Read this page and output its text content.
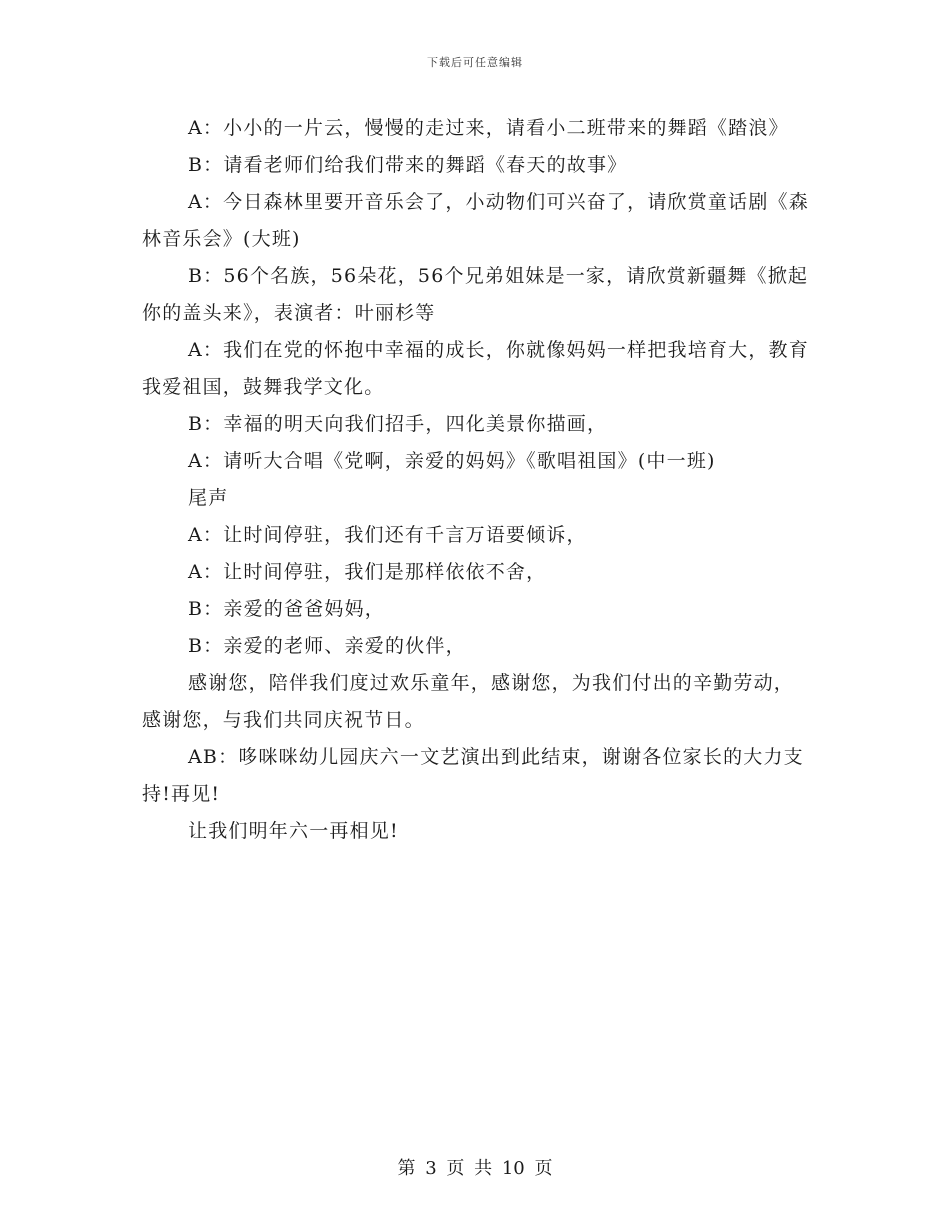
下载后可任意编辑

A：小小的一片云，慢慢的走过来，请看小二班带来的舞蹈《踏浪》

B：请看老师们给我们带来的舞蹈《春天的故事》

A：今日森林里要开音乐会了，小动物们可兴奋了，请欣赏童话剧《森林音乐会》(大班)

B：56个名族，56朵花，56个兄弟姐妹是一家，请欣赏新疆舞《掀起你的盖头来》，表演者：叶丽杉等

A：我们在党的怀抱中幸福的成长，你就像妈妈一样把我培育大，教育我爱祖国，鼓舞我学文化。

B：幸福的明天向我们招手，四化美景你描画，

A：请听大合唱《党啊，亲爱的妈妈》《歌唱祖国》(中一班)

尾声

A：让时间停驻，我们还有千言万语要倾诉，

A：让时间停驻，我们是那样依依不舍，

B：亲爱的爸爸妈妈，

B：亲爱的老师、亲爱的伙伴，

感谢您，陪伴我们度过欢乐童年，感谢您，为我们付出的辛勤劳动，感谢您，与我们共同庆祝节日。

AB：哆咪咪幼儿园庆六一文艺演出到此结束，谢谢各位家长的大力支持!再见!

让我们明年六一再相见!

第 3 页 共 10 页
